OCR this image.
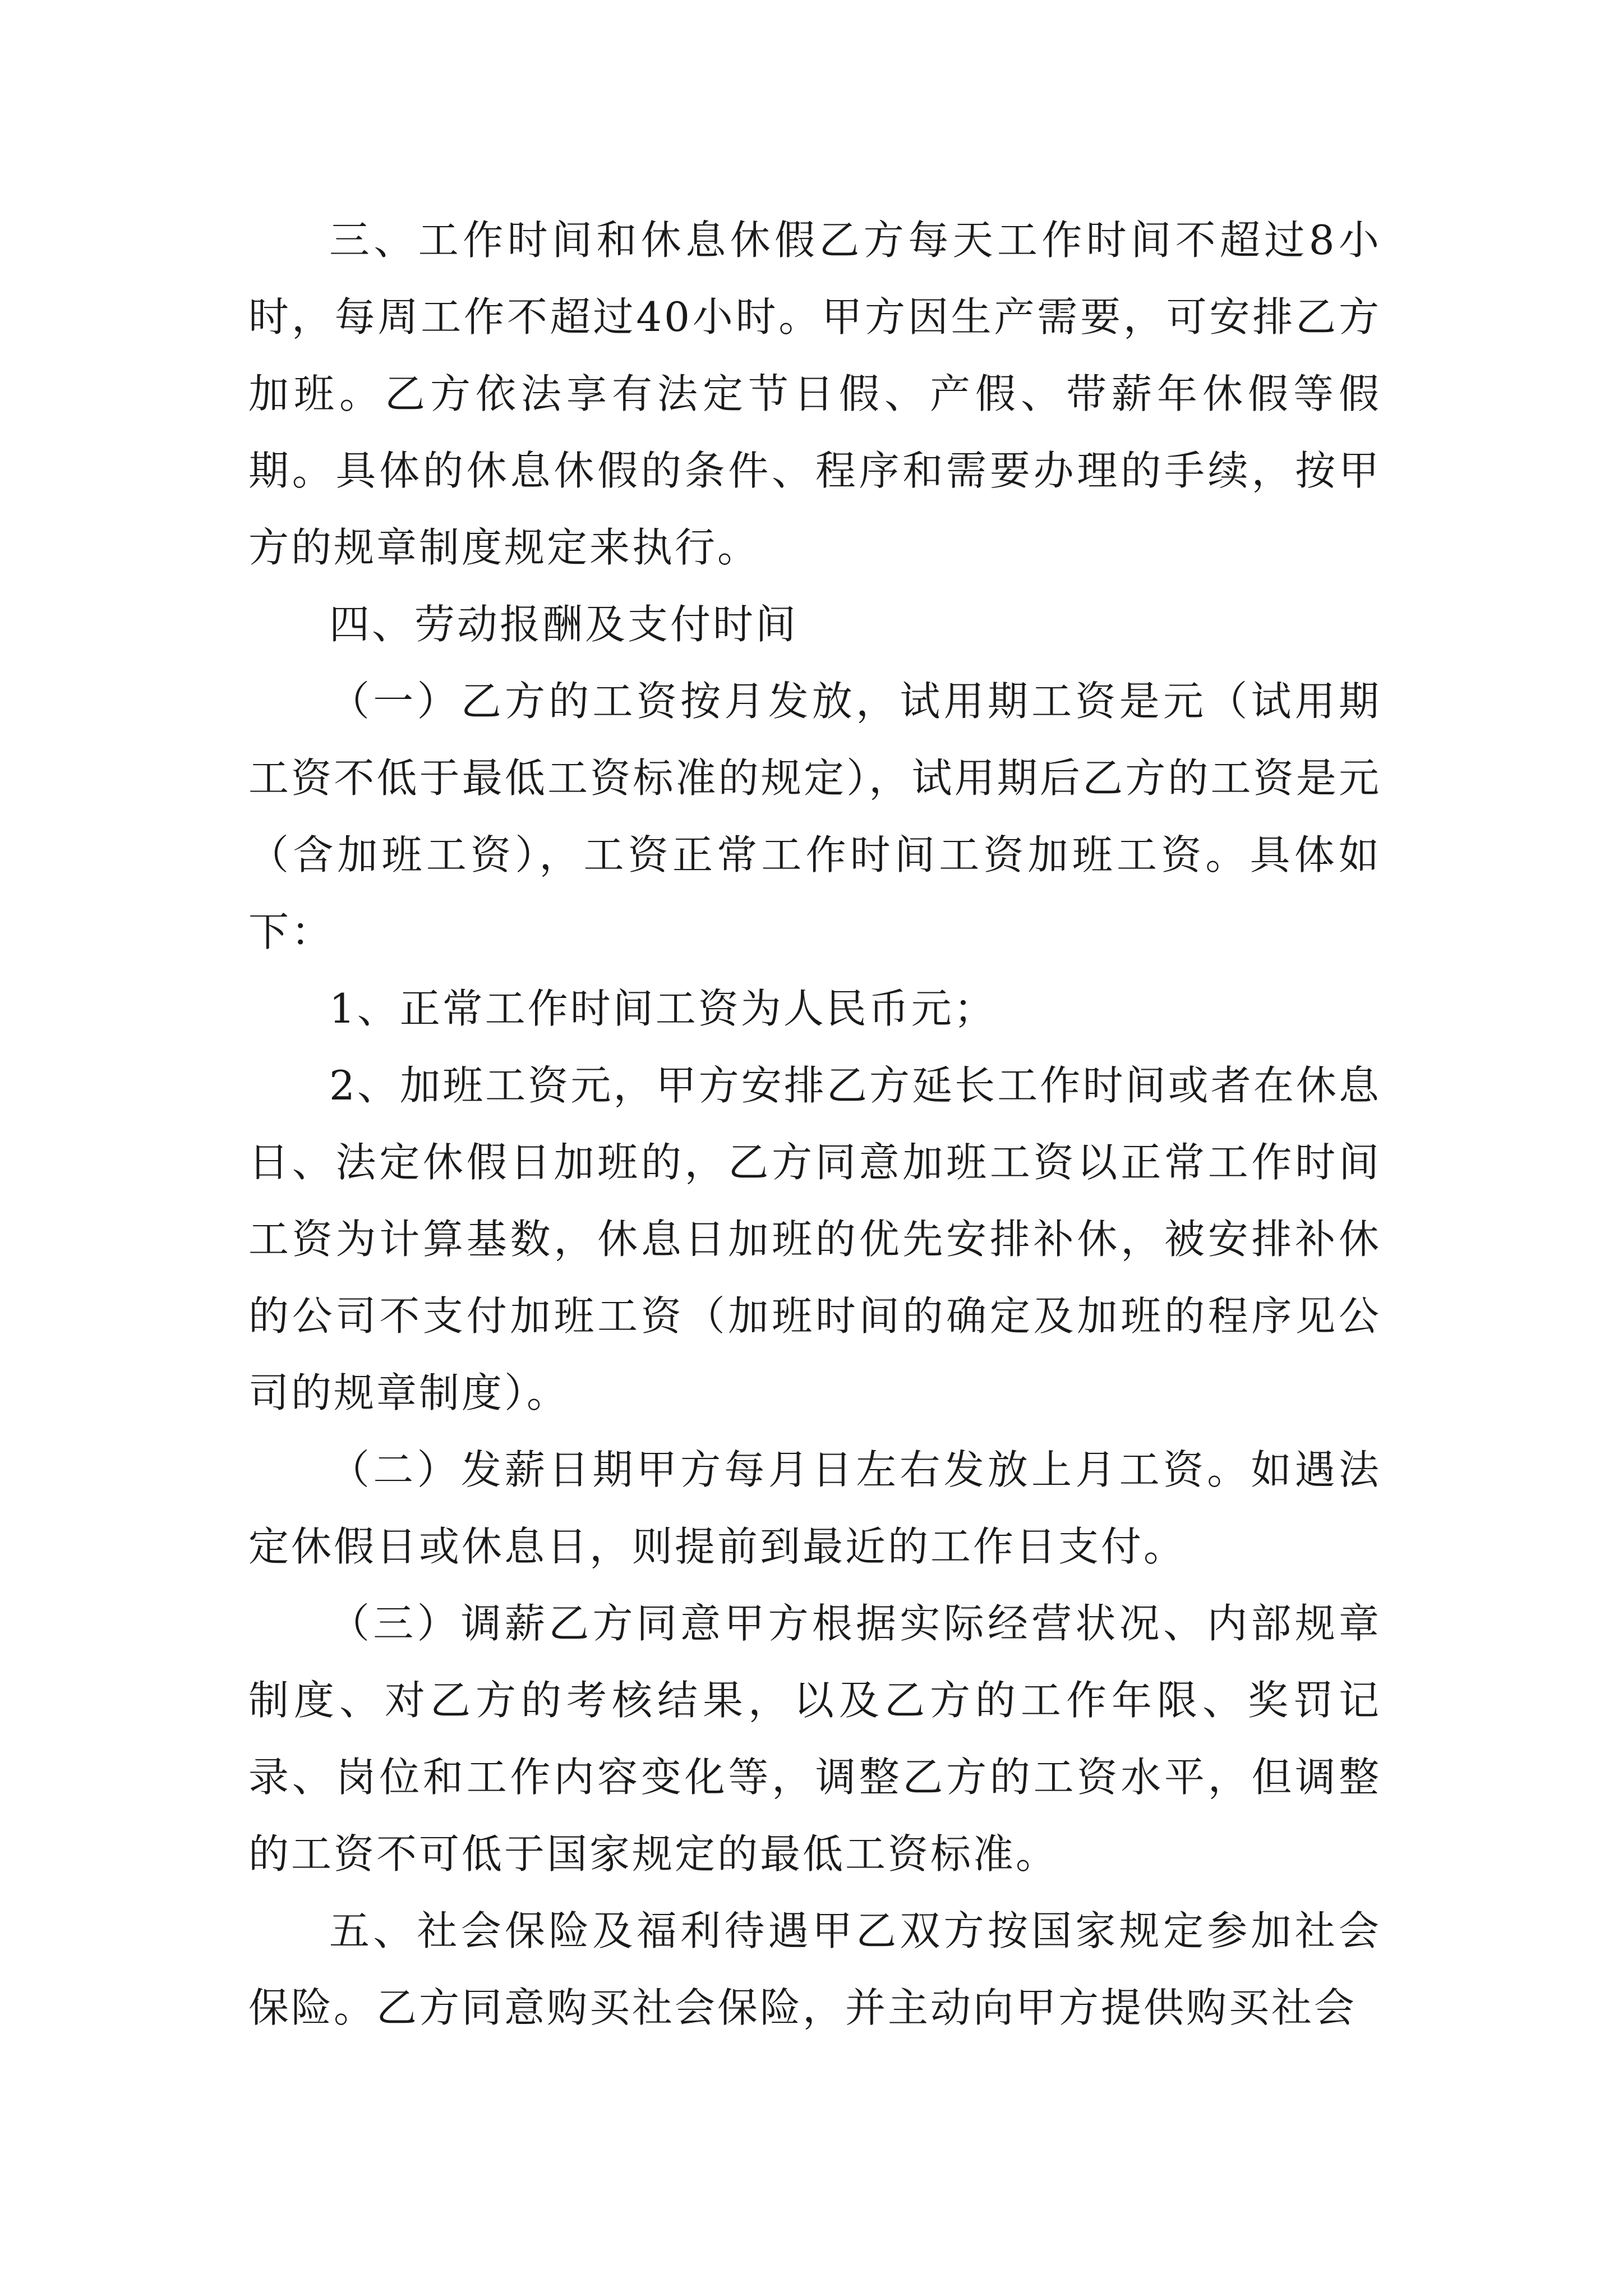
三、工作时间和休息休假乙方每天工作时间不超过8小时，每周工作不超过40小时。甲方因生产需要，可安排乙方加班。乙方依法享有法定节日假、产假、带薪年休假等假期。具体的休息休假的条件、程序和需要办理的手续，按甲方的规章制度规定来执行。

四、劳动报酬及支付时间

（一）乙方的工资按月发放，试用期工资是元（试用期工资不低于最低工资标准的规定），试用期后乙方的工资是元（含加班工资），工资正常工作时间工资加班工资。具体如下：

1、正常工作时间工资为人民币元；

2、加班工资元，甲方安排乙方延长工作时间或者在休息日、法定休假日加班的，乙方同意加班工资以正常工作时间工资为计算基数，休息日加班的优先安排补休，被安排补休的公司不支付加班工资（加班时间的确定及加班的程序见公司的规章制度）。

（二）发薪日期甲方每月日左右发放上月工资。如遇法定休假日或休息日，则提前到最近的工作日支付。

（三）调薪乙方同意甲方根据实际经营状况、内部规章制度、对乙方的考核结果，以及乙方的工作年限、奖罚记录、岗位和工作内容变化等，调整乙方的工资水平，但调整的工资不可低于国家规定的最低工资标准。

五、社会保险及福利待遇甲乙双方按国家规定参加社会保险。乙方同意购买社会保险，并主动向甲方提供购买社会
